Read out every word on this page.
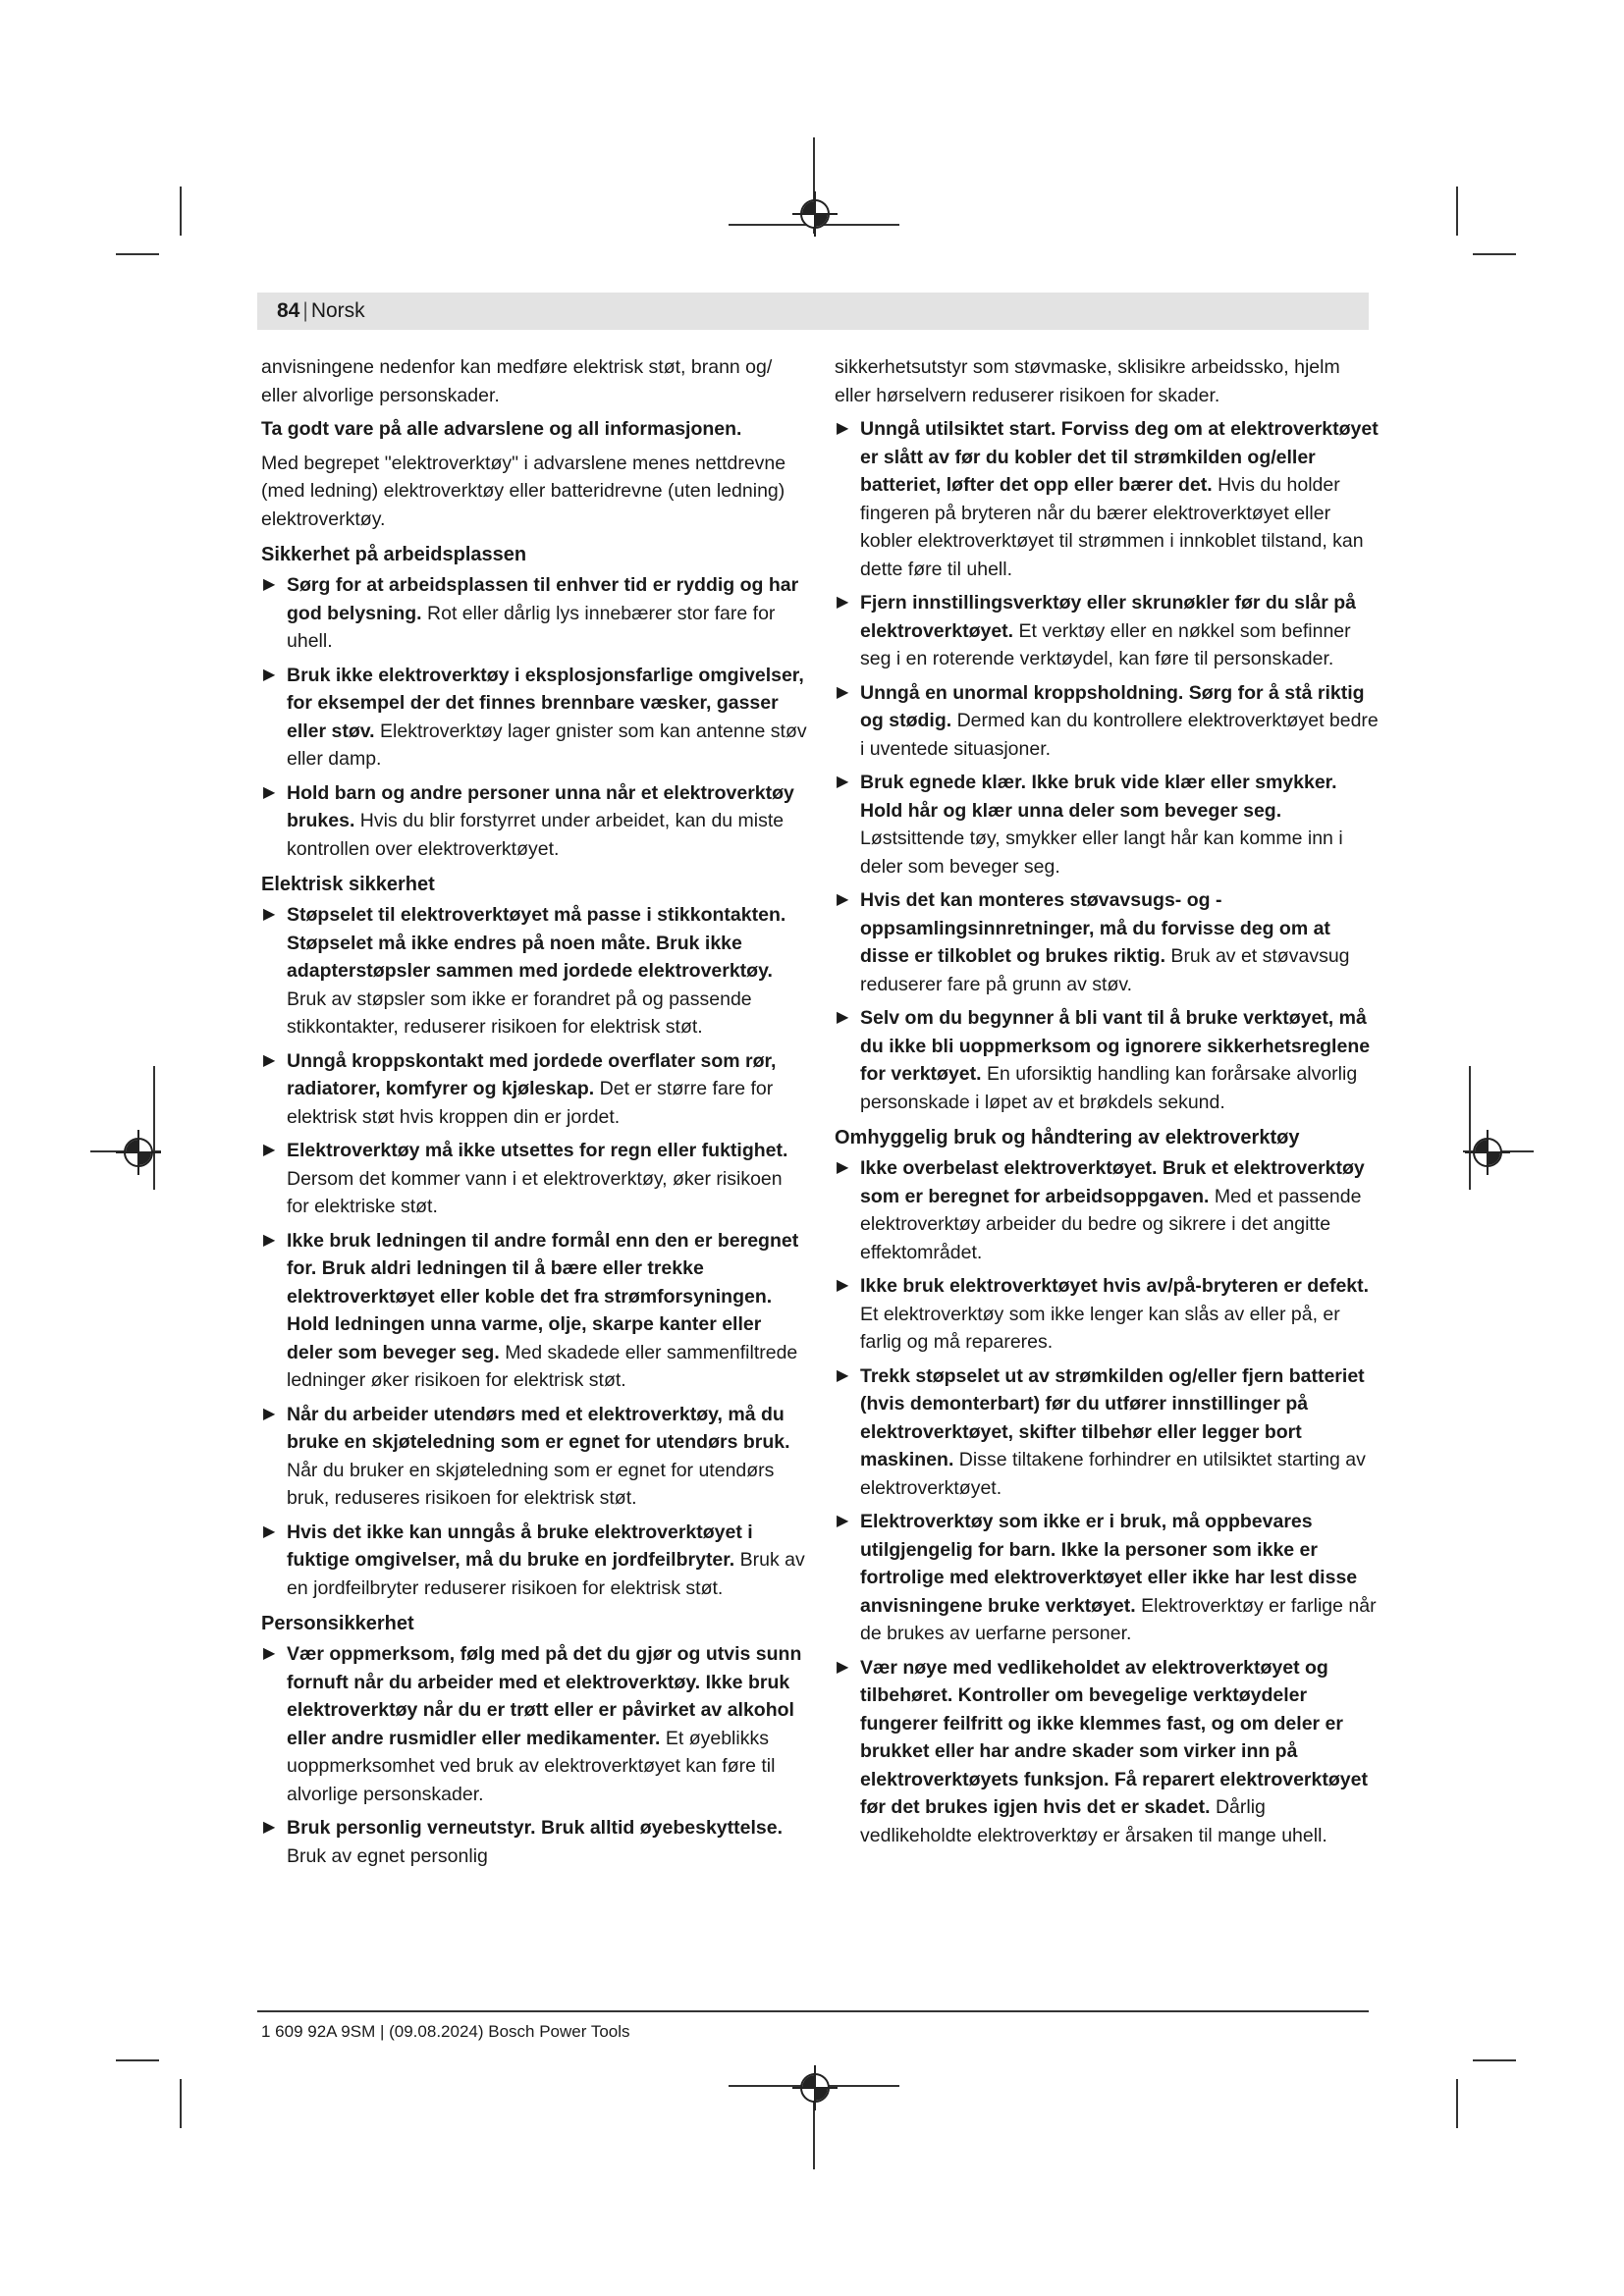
84 | Norsk

anvisningene nedenfor kan medføre elektrisk støt, brann og/ eller alvorlige personskader.

Ta godt vare på alle advarslene og all informasjonen.

Med begrepet "elektroverktøy" i advarslene menes nettdrevne (med ledning) elektroverktøy eller batteridrevne (uten ledning) elektroverktøy.

Sikkerhet på arbeidsplassen
▶ Sørg for at arbeidsplassen til enhver tid er ryddig og har god belysning. Rot eller dårlig lys innebærer stor fare for uhell.
▶ Bruk ikke elektroverktøy i eksplosjonsfarlige omgivelser, for eksempel der det finnes brennbare væsker, gasser eller støv. Elektroverktøy lager gnister som kan antenne støv eller damp.
▶ Hold barn og andre personer unna når et elektroverktøy brukes. Hvis du blir forstyrret under arbeidet, kan du miste kontrollen over elektroverktøyet.
Elektrisk sikkerhet
▶ Støpselet til elektroverktøyet må passe i stikkontakten. Støpselet må ikke endres på noen måte. Bruk ikke adapterstøpsler sammen med jordede elektroverktøy. Bruk av støpsler som ikke er forandret på og passende stikkontakter, reduserer risikoen for elektrisk støt.
▶ Unngå kroppskontakt med jordede overflater som rør, radiatorer, komfyrer og kjøleskap. Det er større fare for elektrisk støt hvis kroppen din er jordet.
▶ Elektroverktøy må ikke utsettes for regn eller fuktighet. Dersom det kommer vann i et elektroverktøy, øker risikoen for elektriske støt.
▶ Ikke bruk ledningen til andre formål enn den er beregnet for. Bruk aldri ledningen til å bære eller trekke elektroverktøyet eller koble det fra strømforsyningen. Hold ledningen unna varme, olje, skarpe kanter eller deler som beveger seg. Med skadede eller sammenfiltrede ledninger øker risikoen for elektrisk støt.
▶ Når du arbeider utendørs med et elektroverktøy, må du bruke en skjøteledning som er egnet for utendørs bruk. Når du bruker en skjøteledning som er egnet for utendørs bruk, reduseres risikoen for elektrisk støt.
▶ Hvis det ikke kan unngås å bruke elektroverktøyet i fuktige omgivelser, må du bruke en jordfeilbryter. Bruk av en jordfeilbryter reduserer risikoen for elektrisk støt.
Personsikkerhet
▶ Vær oppmerksom, følg med på det du gjør og utvis sunn fornuft når du arbeider med et elektroverktøy. Ikke bruk elektroverktøy når du er trøtt eller er påvirket av alkohol eller andre rusmidler eller medikamenter. Et øyeblikks uoppmerksomhet ved bruk av elektroverktøyet kan føre til alvorlige personskader.
▶ Bruk personlig verneutstyr. Bruk alltid øyebeskyttelse. Bruk av egnet personlig

sikkerhetsutstyr som støvmaske, sklisikre arbeidssko, hjelm eller hørselvern reduserer risikoen for skader.

▶ Unngå utilsiktet start. Forviss deg om at elektroverktøyet er slått av før du kobler det til strømkilden og/eller batteriet, løfter det opp eller bærer det. Hvis du holder fingeren på bryteren når du bærer elektroverktøyet eller kobler elektroverktøyet til strømmen i innkoblet tilstand, kan dette føre til uhell.
▶ Fjern innstillingsverktøy eller skrunøkler før du slår på elektroverktøyet. Et verktøy eller en nøkkel som befinner seg i en roterende verktøydel, kan føre til personskader.
▶ Unngå en unormal kroppsholdning. Sørg for å stå riktig og stødig. Dermed kan du kontrollere elektroverktøyet bedre i uventede situasjoner.
▶ Bruk egnede klær. Ikke bruk vide klær eller smykker. Hold hår og klær unna deler som beveger seg. Løstsittende tøy, smykker eller langt hår kan komme inn i deler som beveger seg.
▶ Hvis det kan monteres støvavsugs- og -oppsamlingsinnretninger, må du forvisse deg om at disse er tilkoblet og brukes riktig. Bruk av et støvavsug reduserer fare på grunn av støv.
▶ Selv om du begynner å bli vant til å bruke verktøyet, må du ikke bli uoppmerksom og ignorere sikkerhetsreglene for verktøyet. En uforsiktig handling kan forårsake alvorlig personskade i løpet av et brøkdels sekund.
Omhyggelig bruk og håndtering av elektroverktøy
▶ Ikke overbelast elektroverktøyet. Bruk et elektroverktøy som er beregnet for arbeidsoppgaven. Med et passende elektroverktøy arbeider du bedre og sikrere i det angitte effektområdet.
▶ Ikke bruk elektroverktøyet hvis av/på-bryteren er defekt. Et elektroverktøy som ikke lenger kan slås av eller på, er farlig og må repareres.
▶ Trekk støpselet ut av strømkilden og/eller fjern batteriet (hvis demonterbart) før du utfører innstillinger på elektroverktøyet, skifter tilbehør eller legger bort maskinen. Disse tiltakene forhindrer en utilsiktet starting av elektroverktøyet.
▶ Elektroverktøy som ikke er i bruk, må oppbevares utilgjengelig for barn. Ikke la personer som ikke er fortrolige med elektroverktøyet eller ikke har lest disse anvisningene bruke verktøyet. Elektroverktøy er farlige når de brukes av uerfarne personer.
▶ Vær nøye med vedlikeholdet av elektroverktøyet og tilbehøret. Kontroller om bevegelige verktøydeler fungerer feilfritt og ikke klemmes fast, og om deler er brukket eller har andre skader som virker inn på elektroverktøyets funksjon. Få reparert elektroverktøyet før det brukes igjen hvis det er skadet. Dårlig vedlikeholdte elektroverktøy er årsaken til mange uhell.
1 609 92A 9SM | (09.08.2024) Bosch Power Tools
